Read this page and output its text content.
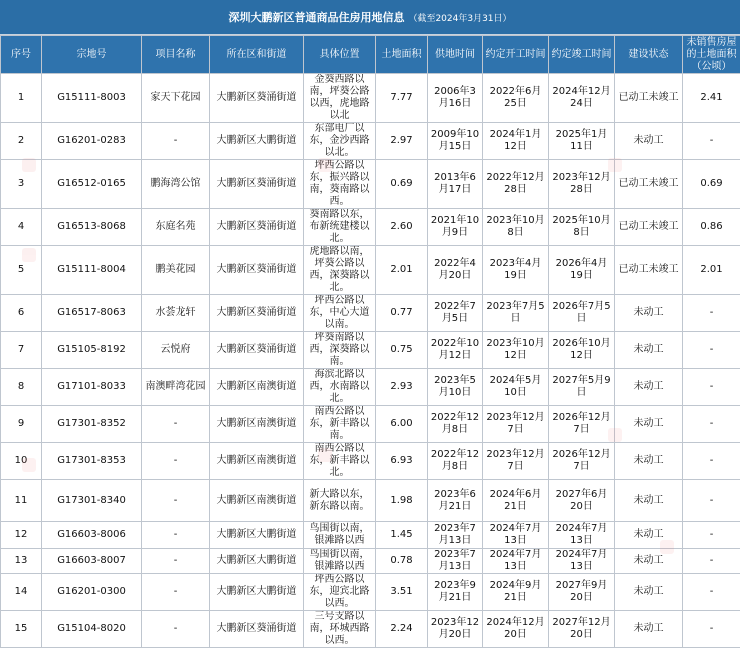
深圳大鹏新区普通商品住房用地信息 （截至2024年3月31日）
序号	宗地号	项目名称	所在区和街道	具体位置	土地面积	供地时间	约定开工时间	约定竣工时间	建设状态	未销售房屋的土地面积（公顷）
1	G15111-8003	家天下花园	大鹏新区葵涌街道	金葵西路以南，坪葵公路以西，虎地路以北	7.77	2006年3月16日	2022年6月25日	2024年12月24日	已动工未竣工	2.41
2	G16201-0283	-	大鹏新区大鹏街道	东部电厂以东，金沙西路以北。	2.97	2009年10月15日	2024年1月12日	2025年1月11日	未动工	-
3	G16512-0165	鹏海湾公馆	大鹏新区葵涌街道	坪西公路以东，振兴路以南，葵南路以西。	0.69	2013年6月17日	2022年12月28日	2023年12月28日	已动工未竣工	0.69
4	G16513-8068	东庭名苑	大鹏新区葵涌街道	葵南路以东，布新统建楼以北。	2.60	2021年10月9日	2023年10月8日	2025年10月8日	已动工未竣工	0.86
5	G15111-8004	鹏美花园	大鹏新区葵涌街道	虎地路以南，坪葵公路以西，深葵路以北。	2.01	2022年4月20日	2023年4月19日	2026年4月19日	已动工未竣工	2.01
6	G16517-8063	水荟龙轩	大鹏新区葵涌街道	坪西公路以东，中心大道以南。	0.77	2022年7月5日	2023年7月5日	2026年7月5日	未动工	-
7	G15105-8192	云悦府	大鹏新区葵涌街道	坪葵南路以西，深葵路以南。	0.75	2022年10月12日	2023年10月12日	2026年10月12日	未动工	-
8	G17101-8033	南澳畔湾花园	大鹏新区南澳街道	海滨北路以西，水南路以北。	2.93	2023年5月10日	2024年5月10日	2027年5月9日	未动工	-
9	G17301-8352	-	大鹏新区南澳街道	南西公路以东，新丰路以南。	6.00	2022年12月8日	2023年12月7日	2026年12月7日	未动工	-
10	G17301-8353	-	大鹏新区南澳街道	南西公路以东，新丰路以北。	6.93	2022年12月8日	2023年12月7日	2026年12月7日	未动工	-
11	G17301-8340	-	大鹏新区南澳街道	新大路以东，新东路以南。	1.98	2023年6月21日	2024年6月21日	2027年6月20日	未动工	-
12	G16603-8006	-	大鹏新区大鹏街道	鸟围街以南，银滩路以西	1.45	2023年7月13日	2024年7月13日	2024年7月13日	未动工	-
13	G16603-8007	-	大鹏新区大鹏街道	鸟围街以南，银滩路以西	0.78	2023年7月13日	2024年7月13日	2024年7月13日	未动工	-
14	G16201-0300	-	大鹏新区大鹏街道	坪西公路以东，迎宾北路以西。	3.51	2023年9月21日	2024年9月21日	2027年9月20日	未动工	-
15	G15104-8020	-	大鹏新区葵涌街道	三号支路以南，环城西路以西。	2.24	2023年12月20日	2024年12月20日	2027年12月20日	未动工	-
